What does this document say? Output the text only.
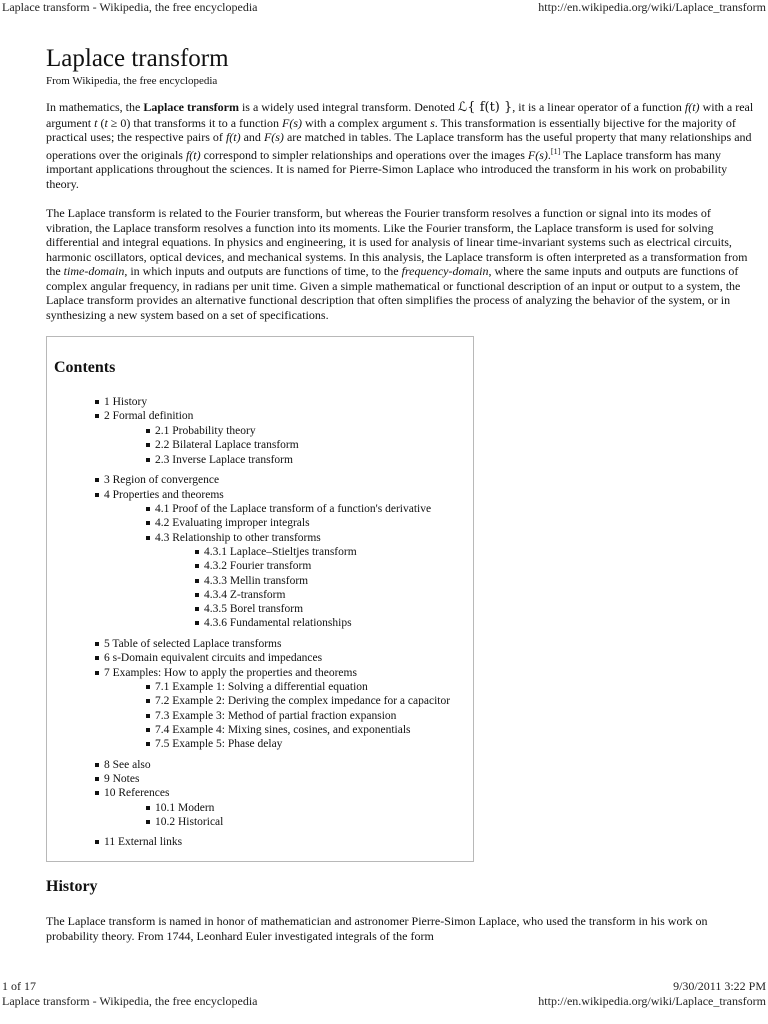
Laplace transform - Wikipedia, the free encyclopedia	http://en.wikipedia.org/wiki/Laplace_transform
Laplace transform
From Wikipedia, the free encyclopedia

In mathematics, the Laplace transform is a widely used integral transform. Denoted ℒ{ f(t) }, it is a linear operator of a function f(t) with a real argument t (t ≥ 0) that transforms it to a function F(s) with a complex argument s. This transformation is essentially bijective for the majority of practical uses; the respective pairs of f(t) and F(s) are matched in tables. The Laplace transform has the useful property that many relationships and operations over the originals f(t) correspond to simpler relationships and operations over the images F(s).[1] The Laplace transform has many important applications throughout the sciences. It is named for Pierre-Simon Laplace who introduced the transform in his work on probability theory.

The Laplace transform is related to the Fourier transform, but whereas the Fourier transform resolves a function or signal into its modes of vibration, the Laplace transform resolves a function into its moments. Like the Fourier transform, the Laplace transform is used for solving differential and integral equations. In physics and engineering, it is used for analysis of linear time-invariant systems such as electrical circuits, harmonic oscillators, optical devices, and mechanical systems. In this analysis, the Laplace transform is often interpreted as a transformation from the time-domain, in which inputs and outputs are functions of time, to the frequency-domain, where the same inputs and outputs are functions of complex angular frequency, in radians per unit time. Given a simple mathematical or functional description of an input or output to a system, the Laplace transform provides an alternative functional description that often simplifies the process of analyzing the behavior of the system, or in synthesizing a new system based on a set of specifications.

Contents
1 History
2 Formal definition
2.1 Probability theory
2.2 Bilateral Laplace transform
2.3 Inverse Laplace transform
3 Region of convergence
4 Properties and theorems
4.1 Proof of the Laplace transform of a function's derivative
4.2 Evaluating improper integrals
4.3 Relationship to other transforms
4.3.1 Laplace–Stieltjes transform
4.3.2 Fourier transform
4.3.3 Mellin transform
4.3.4 Z-transform
4.3.5 Borel transform
4.3.6 Fundamental relationships
5 Table of selected Laplace transforms
6 s-Domain equivalent circuits and impedances
7 Examples: How to apply the properties and theorems
7.1 Example 1: Solving a differential equation
7.2 Example 2: Deriving the complex impedance for a capacitor
7.3 Example 3: Method of partial fraction expansion
7.4 Example 4: Mixing sines, cosines, and exponentials
7.5 Example 5: Phase delay
8 See also
9 Notes
10 References
10.1 Modern
10.2 Historical
11 External links
History

The Laplace transform is named in honor of mathematician and astronomer Pierre-Simon Laplace, who used the transform in his work on probability theory. From 1744, Leonhard Euler investigated integrals of the form

1 of 17	9/30/2011 3:22 PM
Laplace transform - Wikipedia, the free encyclopedia	http://en.wikipedia.org/wiki/Laplace_transform
